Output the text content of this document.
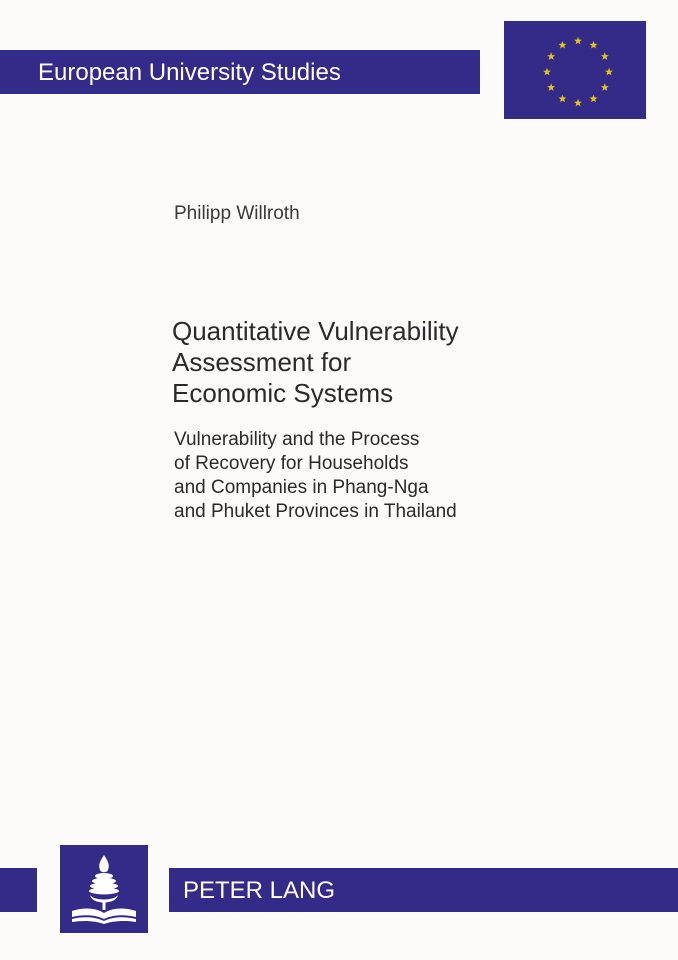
European University Studies
Philipp Willroth
Quantitative Vulnerability
Assessment for
Economic Systems
Vulnerability and the Process
of Recovery for Households
and Companies in Phang-Nga
and Phuket Provinces in Thailand
PETER LANG
